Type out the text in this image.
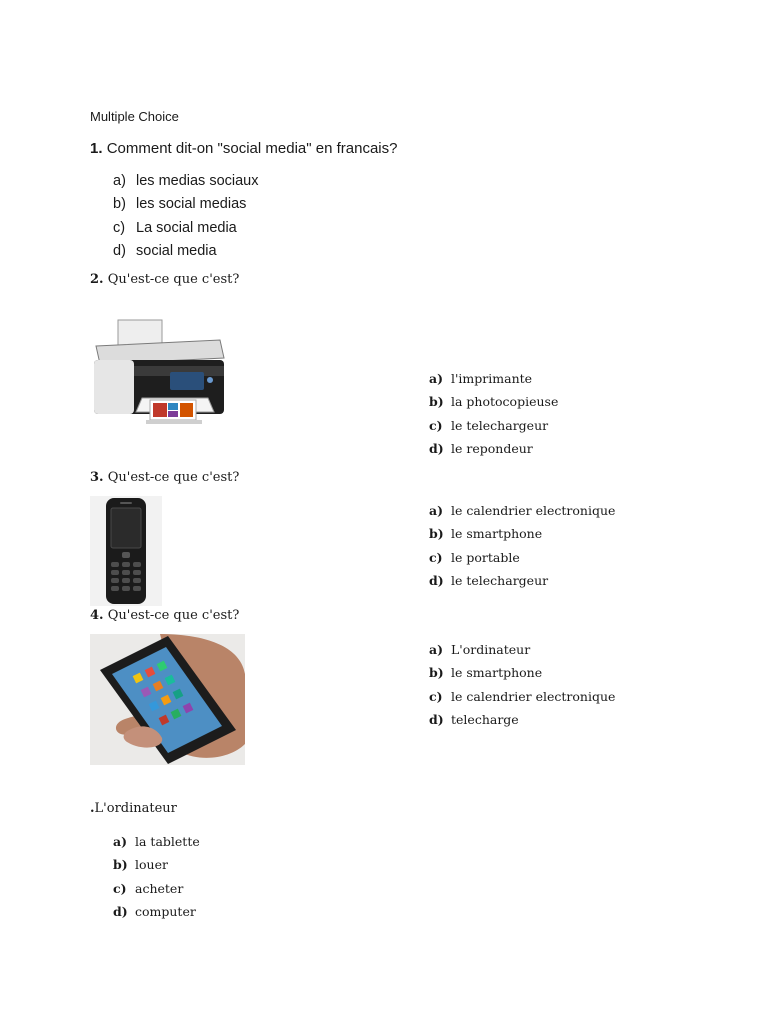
Multiple Choice
1. Comment dit-on "social media" en francais?
a) les medias sociaux
b) les social medias
c) La social media
d) social media
2. Qu'est-ce que c'est?
a) l'imprimante
b) la photocopieuse
c) le telechargeur
d) le repondeur
3. Qu'est-ce que c'est?
a) le calendrier electronique
b) le smartphone
c) le portable
d) le telechargeur
4. Qu'est-ce que c'est?
a) L'ordinateur
b) le smartphone
c) le calendrier electronique
d) telecharge
.L'ordinateur
a) la tablette
b) louer
c) acheter
d) computer
